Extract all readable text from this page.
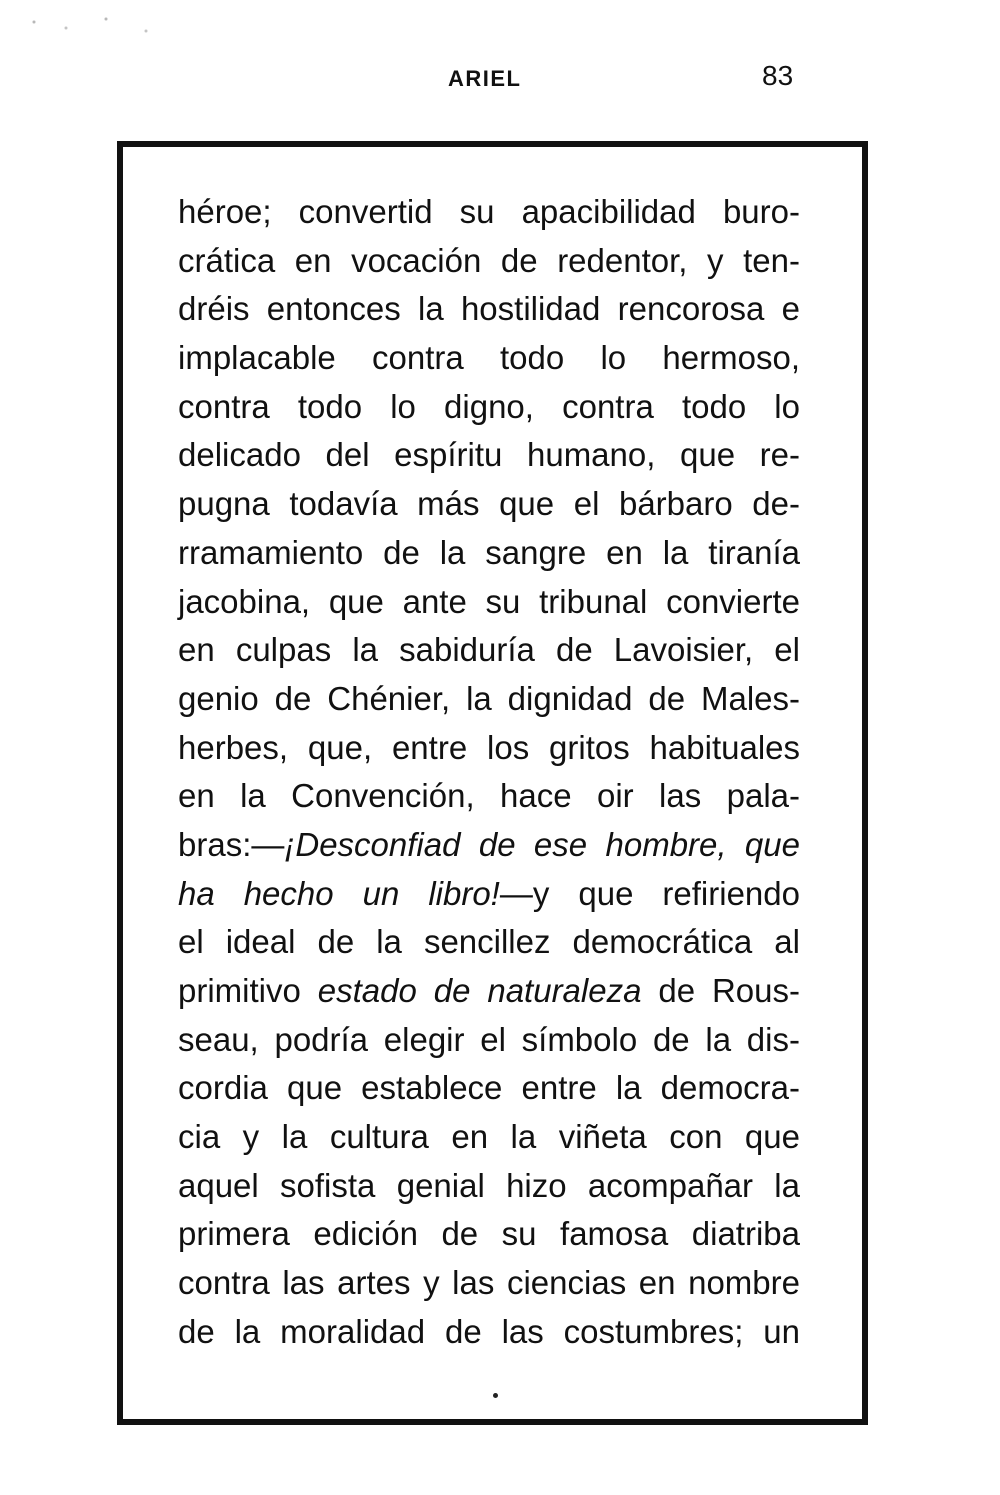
ARIEL	83
héroe; convertid su apacibilidad buro-
crática en vocación de redentor, y ten-
dréis entonces la hostilidad rencorosa e
implacable contra todo lo hermoso,
contra todo lo digno, contra todo lo
delicado del espíritu humano, que re-
pugna todavía más que el bárbaro de-
rramamiento de la sangre en la tiranía
jacobina, que ante su tribunal convierte
en culpas la sabiduría de Lavoisier, el
genio de Chénier, la dignidad de Males-
herbes, que, entre los gritos habituales
en la Convención, hace oir las pala-
bras:—¡Desconfiad de ese hombre, que
ha hecho un libro!—y que refiriendo
el ideal de la sencillez democrática al
primitivo estado de naturaleza de Rous-
seau, podría elegir el símbolo de la dis-
cordia que establece entre la democra-
cia y la cultura en la viñeta con que
aquel sofista genial hizo acompañar la
primera edición de su famosa diatriba
contra las artes y las ciencias en nombre
de la moralidad de las costumbres; un
